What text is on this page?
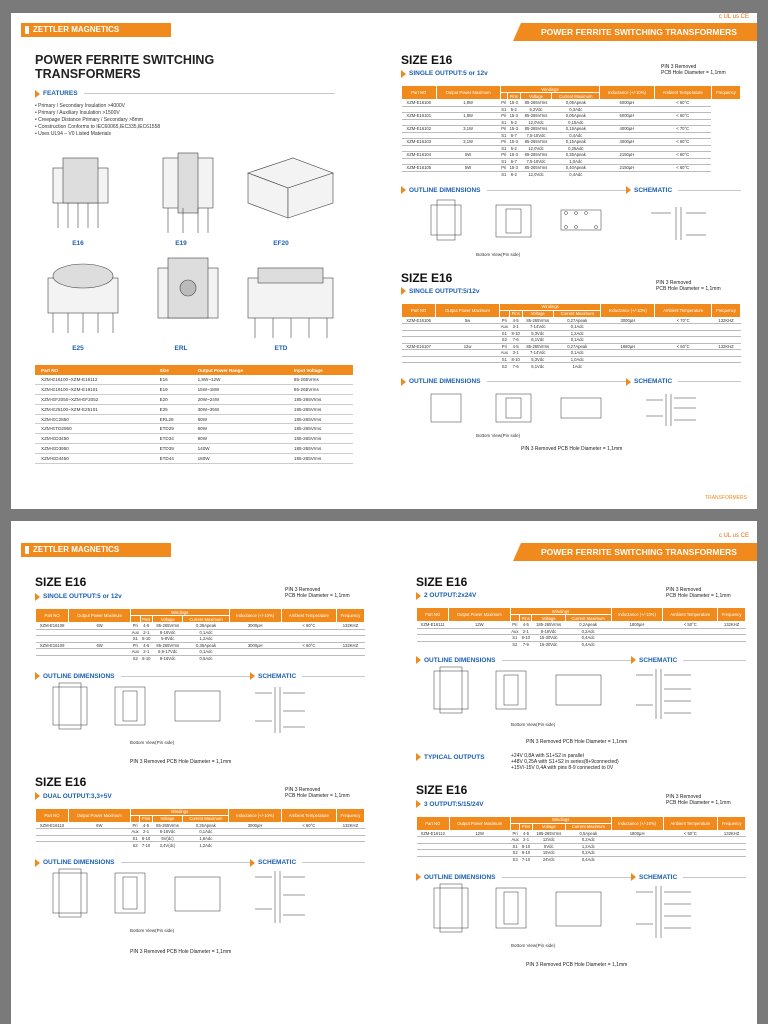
ZETTLER MAGNETICS	POWER FERRITE SWITCHING TRANSFORMERS
c UL us CE
POWER FERRITE SWITCHING
TRANSFORMERS
FEATURES
• Primary / Secondary Insulation >4000V
• Primary / Auxiliary Insulation >1500V
• Creepage Distance Primary / Secondary >8mm
• Construction Conforms to IEC60065,IEC335,IEC61558
• Uses UL94 – V0 Listed Materials
E16	E19	EF20
E25	ERL	ETD
Part NO	Size	Output Power Range	Input Voltage
XZM-E16100~XZM-E16112	E16	1,8W~12W	85-265Vrms
XZM-E19100~XZM-E19101	E19	15W~18W	85-265Vrms
XZM-EF2050~XZM-EF2052	E20	20W~24W	185-265Vrms
XZM-E25100~XZM-E25101	E25	30W~35W	185-265Vrms
XZM-EC2850	ERL28	60W	185-265Vrms
XZM-ETD2950	ETD29	60W	185-265Vrms
XZM-ED3450	ETD34	90W	185-265Vrms
XZM-ED3950	ETD39	140W	185-265Vrms
XZM-ED4450	ETD44	180W	185-265Vrms
SIZE E16
SINGLE OUTPUT:5 or 12v
PIN 3 Removed
PCB Hole Diameter = 1,1mm
Part NO	Output Power Maximum	Windings				Inductance (+/-10%)	Ambient Temperature	Frequency
			Pins	Voltage	Current Maximum			
XZM-E16100	1,8W	Pri	15-3	85-265Vrms	0,05Apeak	6000µH	< 60°C	
		S1	5-2	5,2Vdc	0,3Adc			
XZM-E16101	1,8W	Pri	15-3	85-265Vrms	0,05Apeak	6000µH	< 60°C	
		S1	5-2	12,0Vdc	0,15Adc			
XZM-E16102	3,1W	Pri	15-3	85-265Vrms	0,15Apeak	4000µH	< 70°C	
		S1	6-7	7,5-15Vdc	0,4Adc			
XZM-E16103	3,1W	Pri	15-3	85-265Vrms	0,15Apeak	4000µH	< 60°C	
		S1	5-2	12,0Vdc	0,25Adc			
XZM-E16104	5W	Pri	15-3	85-265Vrms	0,35Apeak	2150µH	< 60°C	
		S1	6-7	7,5-15Vdc	1,0Adc			
XZM-E16105	5W	Pri	15-3	85-265Vrms	0,40Apeak	2150µH	< 60°C	
		S1	6-2	12,0Vdc	0,4Adc			
OUTLINE DIMENSIONS	SCHEMATIC
Bottom View(Pin side)
SIZE E16
SINGLE OUTPUT:5/12v
PIN 3 Removed
PCB Hole Diameter = 1,1mm
Part NO	Output Power Maximum	Windings				Inductance (+/-10%)	Ambient Temperature	Frequency
			Pins	Voltage	Current Maximum			
XZM-E16106	5w	Pri	4-5	85-265Vrms	0,27Apeak	3000µH	< 70°C	132KHZ
		Aux	3-1	7-14Vdc	0,1Adc			
		S1	8-10	5,3Vdc	1,2Adc			
		S2	7-6	6,1Vdc	0,1Adc			
XZM-E16107	12w	Pri	4-5	85-265Vrms	0,27Apeak	1680µH	< 60°C	132KHZ
		Aux	3-1	7-14Vdc	0,1Adc			
		S1	8-10	5,3Vdc	1,0Adc			
		S2	7-6	5,1Vdc	1Adc			
OUTLINE DIMENSIONS	SCHEMATIC
Bottom View(Pin side)
PIN 3 Removed PCB Hole Diameter = 1,1mm
TRANSFORMERS
ZETTLER MAGNETICS	POWER FERRITE SWITCHING TRANSFORMERS
c UL us CE
SIZE E16
SINGLE OUTPUT:5 or 12v
PIN 3 Removed
PCB Hole Diameter = 1,1mm
Part NO	Output Power Maximum	Windings				Inductance (+/-10%)	Ambient Temperature	Frequency
			Pins	Voltage	Current Maximum			
XZM-E16108	6W	Pri	4-5	85-265Vrms	0,35Apeak	3000µH	< 60°C	132KHZ
		Aux	2-1	8-16Vdc	0,1Adc			
		S1	8-10	5-8Vdc	1,2Adc			
XZM-E16109	6W	Pri	4-5	85-265Vrms	0,35Apeak	3000µH	< 60°C	132KHZ
		Aux	2-1	8,9-17Vdc	0,1Adc			
		S2	8-10	8-16Vdc	0,5Adc			
OUTLINE DIMENSIONS	SCHEMATIC
Bottom View(Pin side)
PIN 3 Removed PCB Hole Diameter = 1,1mm
SIZE E16
DUAL OUTPUT:3,3+5V
PIN 3 Removed
PCB Hole Diameter = 1,1mm
Part NO	Output Power Maximum	Windings				Inductance (+/-10%)	Ambient Temperature	Frequency
			Pins	Voltage	Current Maximum			
XZM-E16110	6W	Pri	4-5	85-265Vrms	0,25Apeak	3000µH	< 60°C	132KHZ
		Aux	2-1	8-16Vdc	0,1Adc			
		S1	8-10	5V(dc)	1,8Adc			
		S2	7-10	3,4V(dc)	1,2Adc			
OUTLINE DIMENSIONS	SCHEMATIC
Bottom View(Pin side)
PIN 3 Removed PCB Hole Diameter = 1,1mm
SIZE E16
2 OUTPUT:2x24V
PIN 3 Removed
PCB Hole Diameter = 1,1mm
Part NO	Output Power Maximum	Windings				Inductance (+/-10%)	Ambient Temperature	Frequency
			Pins	Voltage	Current Maximum			
XZM-E16111	12W	Pri	4-5	185-265Vrms	0,2Apeak	1800µH	< 50°C	132KHZ
		Aux	2-1	8-16Vdc	0,2Adc			
		S1	8-10	15-30Vdc	0,4Adc			
		S2	7-9	15-30Vdc	0,4Adc			
OUTLINE DIMENSIONS	SCHEMATIC
Bottom View(Pin side)
PIN 3 Removed PCB Hole Diameter = 1,1mm
TYPICAL OUTPUTS	+24V 0,8A with S1+S2 in parallel
+48V 0,25A with S1+S2 in series(8+9connected)
+15V/-15V 0,4A with pins 8-9 connected to 0V
SIZE E16
3 OUTPUT:5/15/24V
PIN 3 Removed
PCB Hole Diameter = 1,1mm
Part NO	Output Power Maximum	Windings				Inductance (+/-10%)	Ambient Temperature	Frequency
			Pins	Voltage	Current Maximum			
XZM-E16112	12W	Pri	4-5	185-265Vrms	0,5Apeak	1800µH	< 50°C	132KHZ
		Aux	2-1	12Vdc	0,2Adc			
		S1	8-10	5Vdc	1,2Adc			
		S2	8-10	15Vdc	0,2Adc			
		S3	7-10	24Vdc	0,4Adc			
OUTLINE DIMENSIONS	SCHEMATIC
Bottom View(Pin side)
PIN 3 Removed PCB Hole Diameter = 1,1mm
